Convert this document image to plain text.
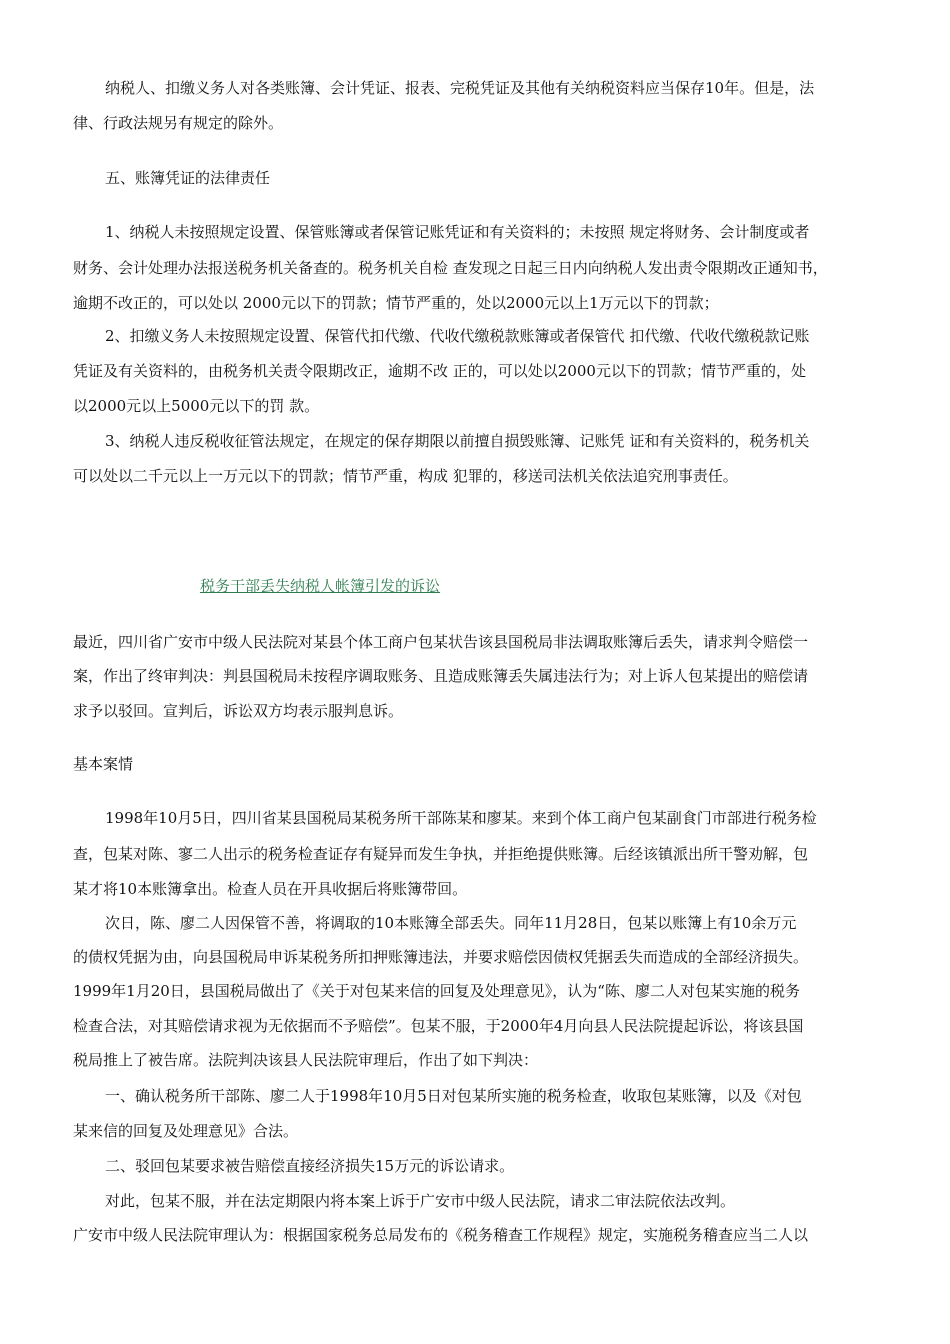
纳税人、扣缴义务人对各类账簿、会计凭证、报表、完税凭证及其他有关纳税资料应当保存10年。但是，法
律、行政法规另有规定的除外。
五、账簿凭证的法律责任
1、纳税人未按照规定设置、保管账簿或者保管记账凭证和有关资料的；未按照 规定将财务、会计制度或者
财务、会计处理办法报送税务机关备查的。税务机关自检 查发现之日起三日内向纳税人发出责令限期改正通知书，
逾期不改正的，可以处以 2000元以下的罚款；情节严重的，处以2000元以上1万元以下的罚款；
2、扣缴义务人未按照规定设置、保管代扣代缴、代收代缴税款账簿或者保管代 扣代缴、代收代缴税款记账
凭证及有关资料的，由税务机关责令限期改正，逾期不改 正的，可以处以2000元以下的罚款；情节严重的，处
以2000元以上5000元以下的罚 款。
3、纳税人违反税收征管法规定，在规定的保存期限以前擅自损毁账簿、记账凭 证和有关资料的，税务机关
可以处以二千元以上一万元以下的罚款；情节严重，构成 犯罪的，移送司法机关依法追究刑事责任。
税务干部丢失纳税人帐簿引发的诉讼
最近，四川省广安市中级人民法院对某县个体工商户包某状告该县国税局非法调取账簿后丢失，请求判令赔偿一
案，作出了终审判决：判县国税局未按程序调取账务、且造成账簿丢失属违法行为；对上诉人包某提出的赔偿请
求予以驳回。宣判后，诉讼双方均表示服判息诉。
基本案情
1998年10月5日，四川省某县国税局某税务所干部陈某和廖某。来到个体工商户包某副食门市部进行税务检
查，包某对陈、寥二人出示的税务检查证存有疑异而发生争执，并拒绝提供账簿。后经该镇派出所干警劝解，包
某才将10本账簿拿出。检查人员在开具收据后将账簿带回。
次日，陈、廖二人因保管不善，将调取的10本账簿全部丢失。同年11月28日，包某以账簿上有10余万元
的债权凭据为由，向县国税局申诉某税务所扣押账簿违法，并要求赔偿因债权凭据丢失而造成的全部经济损失。
1999年1月20日，县国税局做出了《关于对包某来信的回复及处理意见》，认为“陈、廖二人对包某实施的税务
检查合法，对其赔偿请求视为无依据而不予赔偿”。包某不服，于2000年4月向县人民法院提起诉讼，将该县国
税局推上了被告席。法院判决该县人民法院审理后，作出了如下判决：
一、确认税务所干部陈、廖二人于1998年10月5日对包某所实施的税务检查，收取包某账簿，以及《对包
某来信的回复及处理意见》合法。
二、驳回包某要求被告赔偿直接经济损失15万元的诉讼请求。
对此，包某不服，并在法定期限内将本案上诉于广安市中级人民法院，请求二审法院依法改判。
广安市中级人民法院审理认为：根据国家税务总局发布的《税务稽查工作规程》规定，实施税务稽查应当二人以
